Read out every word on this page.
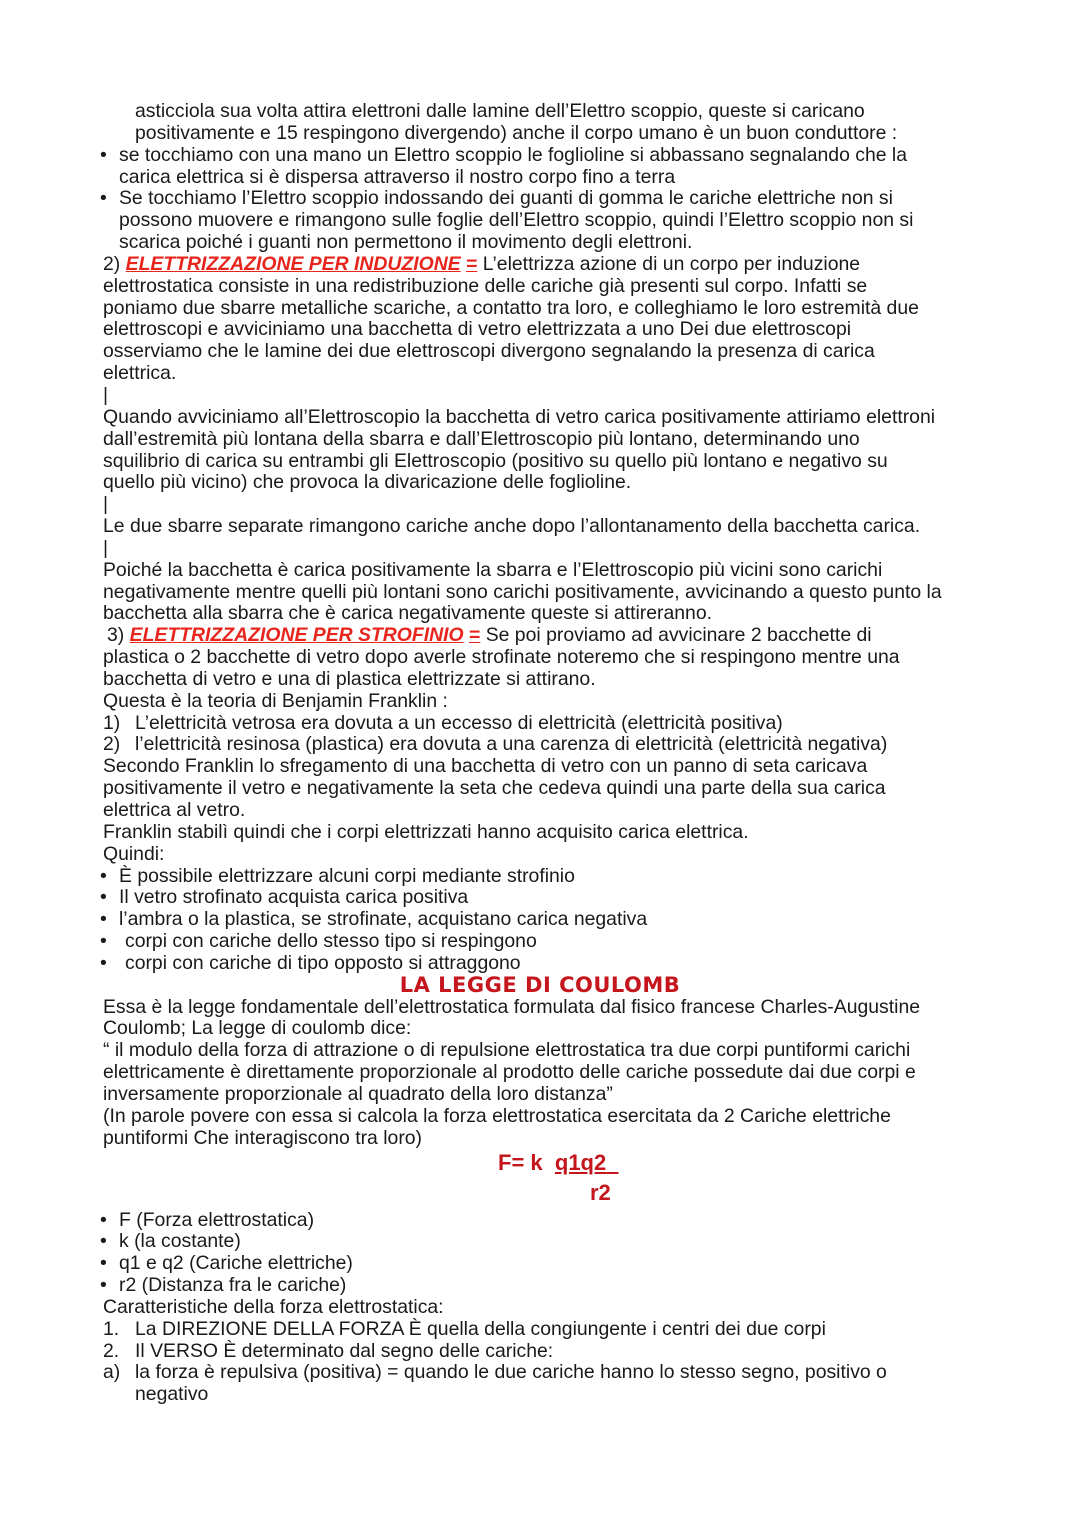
asticciola sua volta attira elettroni dalle lamine dell’Elettro scoppio, queste si caricano
positivamente e 15 respingono divergendo) anche il corpo umano è un buon conduttore :
• se tocchiamo con una mano un Elettro scoppio le foglioline si abbassano segnalando che la
carica elettrica si è dispersa attraverso il nostro corpo fino a terra
• Se tocchiamo l’Elettro scoppio indossando dei guanti di gomma le cariche elettriche non si
possono muovere e rimangono sulle foglie dell’Elettro scoppio, quindi l’Elettro scoppio non si
scarica poiché i guanti non permettono il movimento degli elettroni.
2) ELETTRIZZAZIONE PER INDUZIONE = L’elettrizza azione di un corpo per induzione
elettrostatica consiste in una redistribuzione delle cariche già presenti sul corpo. Infatti se
poniamo due sbarre metalliche scariche, a contatto tra loro, e colleghiamo le loro estremità due
elettroscopi e avviciniamo una bacchetta di vetro elettrizzata a uno Dei due elettroscopi
osserviamo che le lamine dei due elettroscopi divergono segnalando la presenza di carica
elettrica.
|
Quando avviciniamo all’Elettroscopio la bacchetta di vetro carica positivamente attiriamo elettroni
dall’estremità più lontana della sbarra e dall’Elettroscopio più lontano, determinando uno
squilibrio di carica su entrambi gli Elettroscopio (positivo su quello più lontano e negativo su
quello più vicino) che provoca la divaricazione delle foglioline.
|
Le due sbarre separate rimangono cariche anche dopo l’allontanamento della bacchetta carica.
|
Poiché la bacchetta è carica positivamente la sbarra e l’Elettroscopio più vicini sono carichi
negativamente mentre quelli più lontani sono carichi positivamente, avvicinando a questo punto la
bacchetta alla sbarra che è carica negativamente queste si attireranno.
3) ELETTRIZZAZIONE PER STROFINIO = Se poi proviamo ad avvicinare 2 bacchette di
plastica o 2 bacchette di vetro dopo averle strofinate noteremo che si respingono mentre una
bacchetta di vetro e una di plastica elettrizzate si attirano.
Questa è la teoria di Benjamin Franklin :
1) L’elettricità vetrosa era dovuta a un eccesso di elettricità (elettricità positiva)
2) l’elettricità resinosa (plastica) era dovuta a una carenza di elettricità (elettricità negativa)
Secondo Franklin lo sfregamento di una bacchetta di vetro con un panno di seta caricava
positivamente il vetro e negativamente la seta che cedeva quindi una parte della sua carica
elettrica al vetro.
Franklin stabilì quindi che i corpi elettrizzati hanno acquisito carica elettrica.
Quindi:
• È possibile elettrizzare alcuni corpi mediante strofinio
• Il vetro strofinato acquista carica positiva
• l’ambra o la plastica, se strofinate, acquistano carica negativa
• corpi con cariche dello stesso tipo si respingono
• corpi con cariche di tipo opposto si attraggono
LA LEGGE DI COULOMB
Essa è la legge fondamentale dell’elettrostatica formulata dal fisico francese Charles-Augustine
Coulomb; La legge di coulomb dice:
“ il modulo della forza di attrazione o di repulsione elettrostatica tra due corpi puntiformi carichi
elettricamente è direttamente proporzionale al prodotto delle cariche possedute dai due corpi e
inversamente proporzionale al quadrato della loro distanza”
(In parole povere con essa si calcola la forza elettrostatica esercitata da 2 Cariche elettriche
puntiformi Che interagiscono tra loro)
F= k q1q2
r2
• F (Forza elettrostatica)
• k (la costante)
• q1 e q2 (Cariche elettriche)
• r2 (Distanza fra le cariche)
Caratteristiche della forza elettrostatica:
1. La DIREZIONE DELLA FORZA È quella della congiungente i centri dei due corpi
2. Il VERSO È determinato dal segno delle cariche:
a) la forza è repulsiva (positiva) = quando le due cariche hanno lo stesso segno, positivo o
negativo
